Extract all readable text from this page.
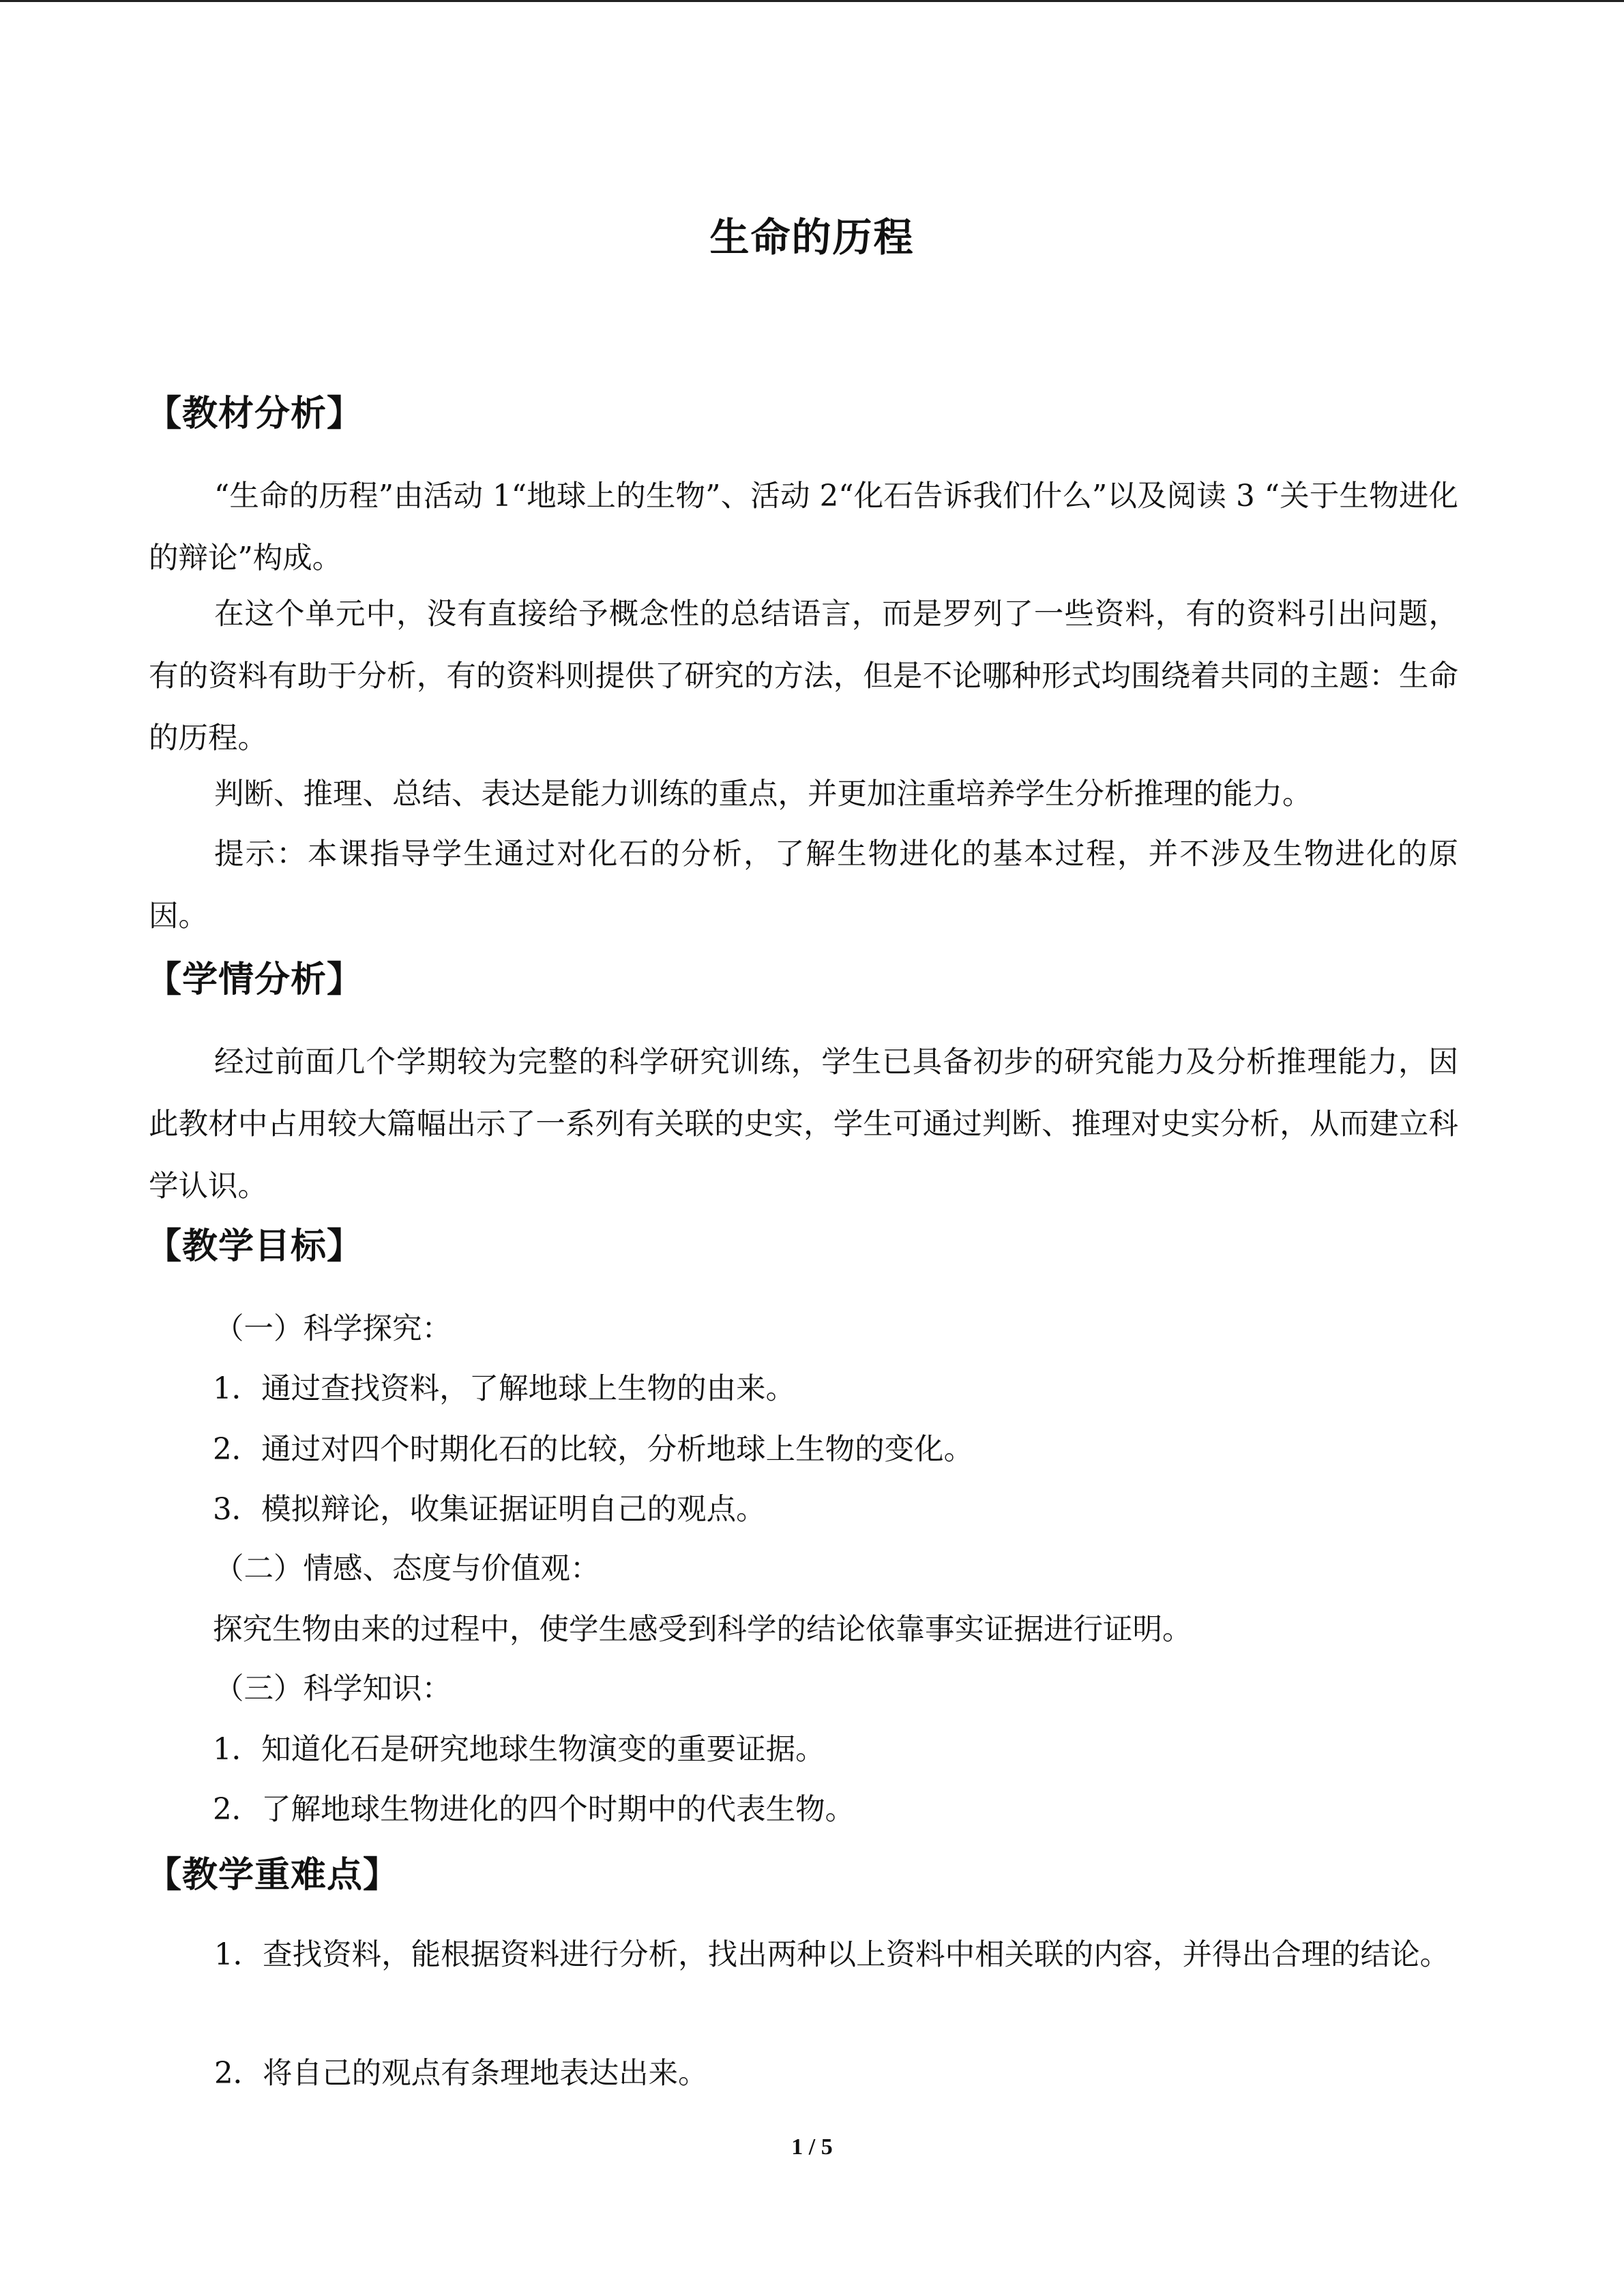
生命的历程
【教材分析】

“生命的历程”由活动 1“地球上的生物”、活动 2“化石告诉我们什么”以及阅读 3 “关于生物进化的辩论”构成。

在这个单元中，没有直接给予概念性的总结语言，而是罗列了一些资料，有的资料引出问题，有的资料有助于分析，有的资料则提供了研究的方法，但是不论哪种形式均围绕着共同的主题：生命的历程。

判断、推理、总结、表达是能力训练的重点，并更加注重培养学生分析推理的能力。

提示：本课指导学生通过对化石的分析，了解生物进化的基本过程，并不涉及生物进化的原因。

【学情分析】

经过前面几个学期较为完整的科学研究训练，学生已具备初步的研究能力及分析推理能力，因此教材中占用较大篇幅出示了一系列有关联的史实，学生可通过判断、推理对史实分析，从而建立科学认识。

【教学目标】
（一）科学探究：
1．通过查找资料，了解地球上生物的由来。
2．通过对四个时期化石的比较，分析地球上生物的变化。
3．模拟辩论，收集证据证明自己的观点。
（二）情感、态度与价值观：
探究生物由来的过程中，使学生感受到科学的结论依靠事实证据进行证明。
（三）科学知识：
1．知道化石是研究地球生物演变的重要证据。
2．了解地球生物进化的四个时期中的代表生物。
【教学重难点】

1．查找资料，能根据资料进行分析，找出两种以上资料中相关联的内容，并得出合理的结论。

2．将自己的观点有条理地表达出来。

1 / 5
